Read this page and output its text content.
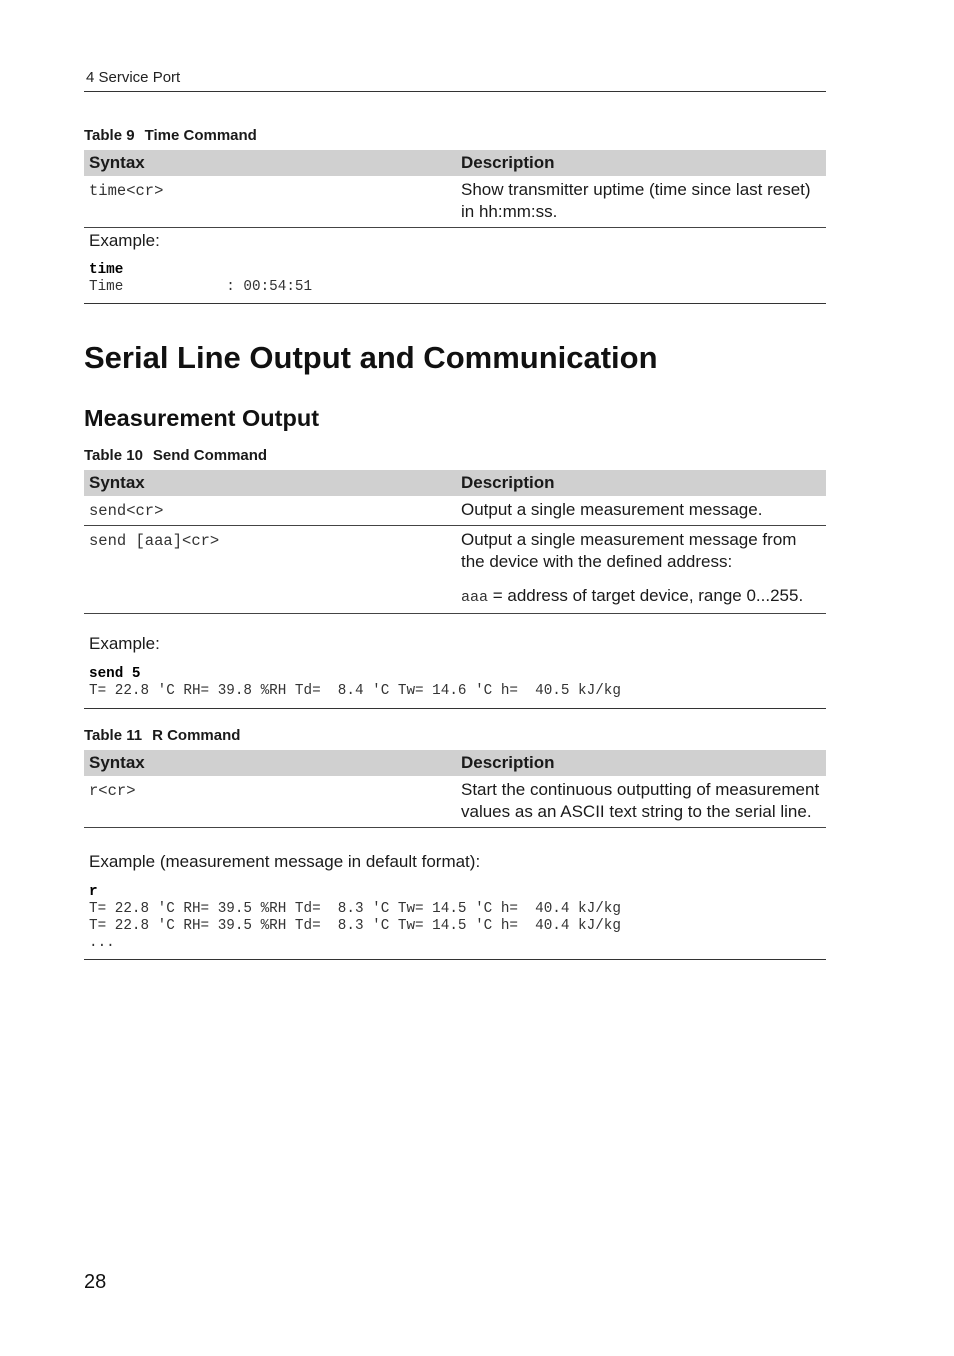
4 Service Port
Table 9 Time Command
Syntax	Description
time<cr>	Show transmitter uptime (time since last reset) in hh:mm:ss.
Example:
time
Time            : 00:54:51
Serial Line Output and Communication
Measurement Output
Table 10 Send Command
Syntax	Description
send<cr>	Output a single measurement message.
send [aaa]<cr>	Output a single measurement message from the device with the defined address:
aaa = address of target device, range 0...255.
Example:
send 5
T= 22.8 'C RH= 39.8 %RH Td=  8.4 'C Tw= 14.6 'C h=  40.5 kJ/kg
Table 11 R Command
Syntax	Description
r<cr>	Start the continuous outputting of measurement values as an ASCII text string to the serial line.
Example (measurement message in default format):
r
T= 22.8 'C RH= 39.5 %RH Td=  8.3 'C Tw= 14.5 'C h=  40.4 kJ/kg
T= 22.8 'C RH= 39.5 %RH Td=  8.3 'C Tw= 14.5 'C h=  40.4 kJ/kg
...
28
